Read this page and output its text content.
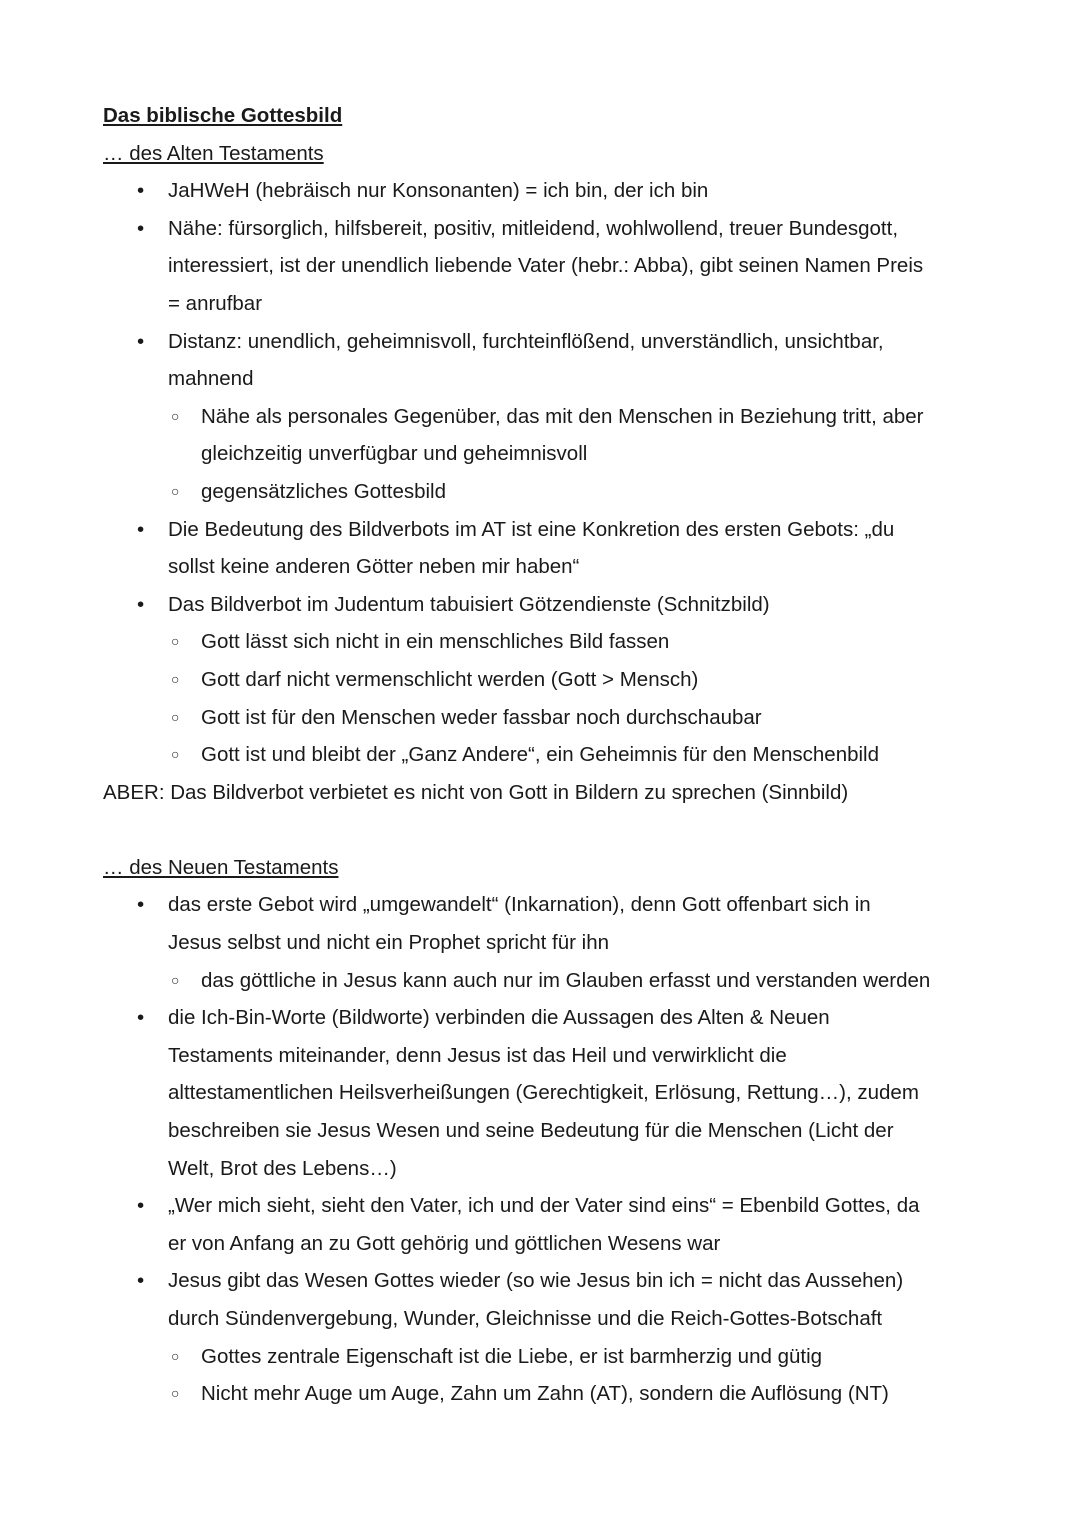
Das biblische Gottesbild
… des Alten Testaments
• JaHWeH (hebräisch nur Konsonanten) = ich bin, der ich bin
• Nähe: fürsorglich, hilfsbereit, positiv, mitleidend, wohlwollend, treuer Bundesgott,
interessiert, ist der unendlich liebende Vater (hebr.: Abba), gibt seinen Namen Preis
= anrufbar
• Distanz: unendlich, geheimnisvoll, furchteinflößend, unverständlich, unsichtbar,
mahnend
○ Nähe als personales Gegenüber, das mit den Menschen in Beziehung tritt, aber
gleichzeitig unverfügbar und geheimnisvoll
○ gegensätzliches Gottesbild
• Die Bedeutung des Bildverbots im AT ist eine Konkretion des ersten Gebots: „du
sollst keine anderen Götter neben mir haben“
• Das Bildverbot im Judentum tabuisiert Götzendienste (Schnitzbild)
○ Gott lässt sich nicht in ein menschliches Bild fassen
○ Gott darf nicht vermenschlicht werden (Gott > Mensch)
○ Gott ist für den Menschen weder fassbar noch durchschaubar
○ Gott ist und bleibt der „Ganz Andere“, ein Geheimnis für den Menschenbild
ABER: Das Bildverbot verbietet es nicht von Gott in Bildern zu sprechen (Sinnbild)
… des Neuen Testaments
• das erste Gebot wird „umgewandelt“ (Inkarnation), denn Gott offenbart sich in
Jesus selbst und nicht ein Prophet spricht für ihn
○ das göttliche in Jesus kann auch nur im Glauben erfasst und verstanden werden
• die Ich-Bin-Worte (Bildworte) verbinden die Aussagen des Alten & Neuen
Testaments miteinander, denn Jesus ist das Heil und verwirklicht die
alttestamentlichen Heilsverheißungen (Gerechtigkeit, Erlösung, Rettung…), zudem
beschreiben sie Jesus Wesen und seine Bedeutung für die Menschen (Licht der
Welt, Brot des Lebens…)
• „Wer mich sieht, sieht den Vater, ich und der Vater sind eins“ = Ebenbild Gottes, da
er von Anfang an zu Gott gehörig und göttlichen Wesens war
• Jesus gibt das Wesen Gottes wieder (so wie Jesus bin ich = nicht das Aussehen)
durch Sündenvergebung, Wunder, Gleichnisse und die Reich-Gottes-Botschaft
○ Gottes zentrale Eigenschaft ist die Liebe, er ist barmherzig und gütig
○ Nicht mehr Auge um Auge, Zahn um Zahn (AT), sondern die Auflösung (NT)
